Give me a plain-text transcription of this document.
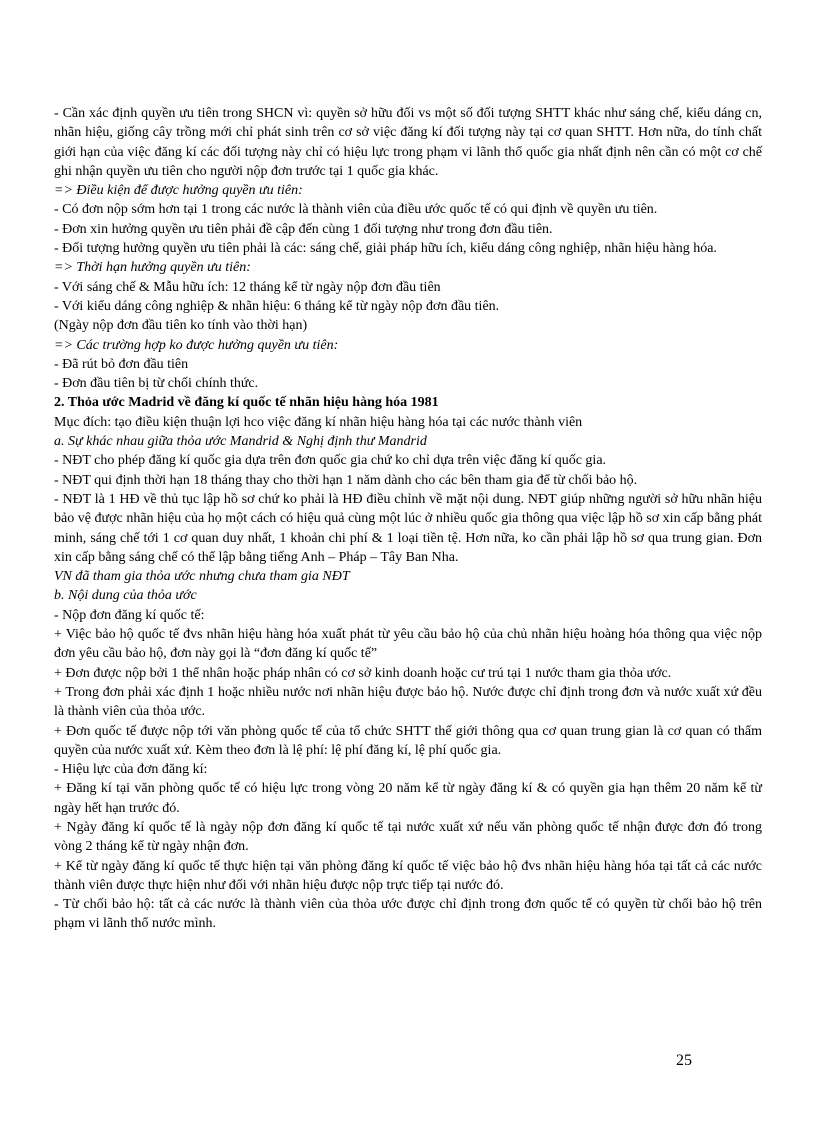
- Cần xác định quyền ưu tiên trong SHCN vì: quyền sở hữu đối vs một số đối tượng SHTT khác như sáng chế, kiểu dáng cn, nhãn hiệu, giống cây trồng mới chỉ phát sinh trên cơ sở việc đăng kí đối tượng này tại cơ quan SHTT. Hơn nữa, do tính chất giới hạn của việc đăng kí các đối tượng này chỉ có hiệu lực trong phạm vi lãnh thổ quốc gia nhất định nên cần có một cơ chế ghi nhận quyền ưu tiên cho người nộp đơn trước tại 1 quốc gia khác.

=> Điều kiện để được hưởng quyền ưu tiên:

- Có đơn nộp sớm hơn tại 1 trong các nước là thành viên của điều ước quốc tế có qui định về quyền ưu tiên.

- Đơn xin hưởng quyền ưu tiên phải đề cập đến cùng 1 đối tượng như trong đơn đầu tiên.

- Đối tượng hưởng quyền ưu tiên phải là các: sáng chế, giải pháp hữu ích, kiểu dáng công nghiệp, nhãn hiệu hàng hóa.

=> Thời hạn hưởng quyền ưu tiên:

- Với sáng chế & Mẫu hữu ích: 12 tháng kể từ ngày nộp đơn đầu tiên

- Với kiểu dáng công nghiệp & nhãn hiệu: 6 tháng kể từ ngày nộp đơn đầu tiên.

(Ngày nộp đơn đầu tiên ko tính vào thời hạn)

=> Các trường hợp ko được hưởng quyền ưu tiên:

- Đã rút bỏ đơn đầu tiên

- Đơn đầu tiên bị từ chối chính thức.

2. Thỏa ước Madrid về đăng kí quốc tế nhãn hiệu hàng hóa 1981

Mục đích: tạo điều kiện thuận lợi hco việc đăng kí nhãn hiệu hàng hóa tại các nước thành viên

a. Sự khác nhau giữa thỏa ước Mandrid & Nghị định thư Mandrid

- NĐT cho phép đăng kí quốc gia dựa trên đơn quốc gia chứ ko chỉ dựa trên việc đăng kí quốc gia.

- NĐT qui định thời hạn 18 tháng thay cho thời hạn 1 năm dành cho các bên tham gia để từ chối bảo hộ.

- NĐT là 1 HĐ về thủ tục lập hồ sơ chứ ko phải là HĐ điều chỉnh về mặt nội dung. NĐT giúp những người sở hữu nhãn hiệu bảo vệ được nhãn hiệu của họ một cách có hiệu quả cùng một lúc ở nhiều quốc gia thông qua việc lập hồ sơ xin cấp bằng phát minh, sáng chế tới 1 cơ quan duy nhất, 1 khoản chi phí & 1 loại tiền tệ. Hơn nữa, ko cần phải lập hồ sơ qua trung gian. Đơn xin cấp bằng sáng chế có thể lập bằng tiếng Anh – Pháp – Tây Ban Nha.

VN đã tham gia thỏa ước nhưng chưa tham gia NĐT

b. Nội dung của thỏa ước

- Nộp đơn đăng kí quốc tế:

+ Việc bảo hộ quốc tế đvs nhãn hiệu hàng hóa xuất phát từ yêu cầu bảo hộ của chủ nhãn hiệu hoàng hóa thông qua việc nộp đơn yêu cầu bảo hộ, đơn này gọi là “đơn đăng kí quốc tế”

+ Đơn được nộp bởi 1 thể nhân hoặc pháp nhân có cơ sở kinh doanh hoặc cư trú tại 1 nước tham gia thỏa ước.

+ Trong đơn phải xác định 1 hoặc nhiều nước nơi nhãn hiệu được bảo hộ. Nước được chỉ định trong đơn và nước xuất xứ đều là thành viên của thỏa ước.

+ Đơn quốc tế được nộp tới văn phòng quốc tế của tổ chức SHTT thế giới thông qua cơ quan trung gian là cơ quan có thẩm quyền của nước xuất xứ. Kèm theo đơn là lệ phí: lệ phí đăng kí, lệ phí quốc gia.

- Hiệu lực của đơn đăng kí:

+ Đăng kí tại văn phòng quốc tế có hiệu lực trong vòng 20 năm kể từ ngày đăng kí & có quyền gia hạn thêm 20 năm kể từ ngày hết hạn trước đó.

+ Ngày đăng kí quốc tế là ngày nộp đơn đăng kí quốc tế tại nước xuất xứ nếu văn phòng quốc tế nhận được đơn đó trong vòng 2 tháng kể từ ngày nhận đơn.

+ Kể từ ngày đăng kí quốc tế thực hiện tại văn phòng đăng kí quốc tế việc bảo hộ đvs nhãn hiệu hàng hóa tại tất cả các nước thành viên được thực hiện như đối với nhãn hiệu được nộp trực tiếp tại nước đó.

- Từ chối bảo hộ: tất cả các nước là thành viên của thỏa ước được chỉ định trong đơn quốc tế có quyền từ chối bảo hộ trên phạm vi lãnh thổ nước mình.

25
